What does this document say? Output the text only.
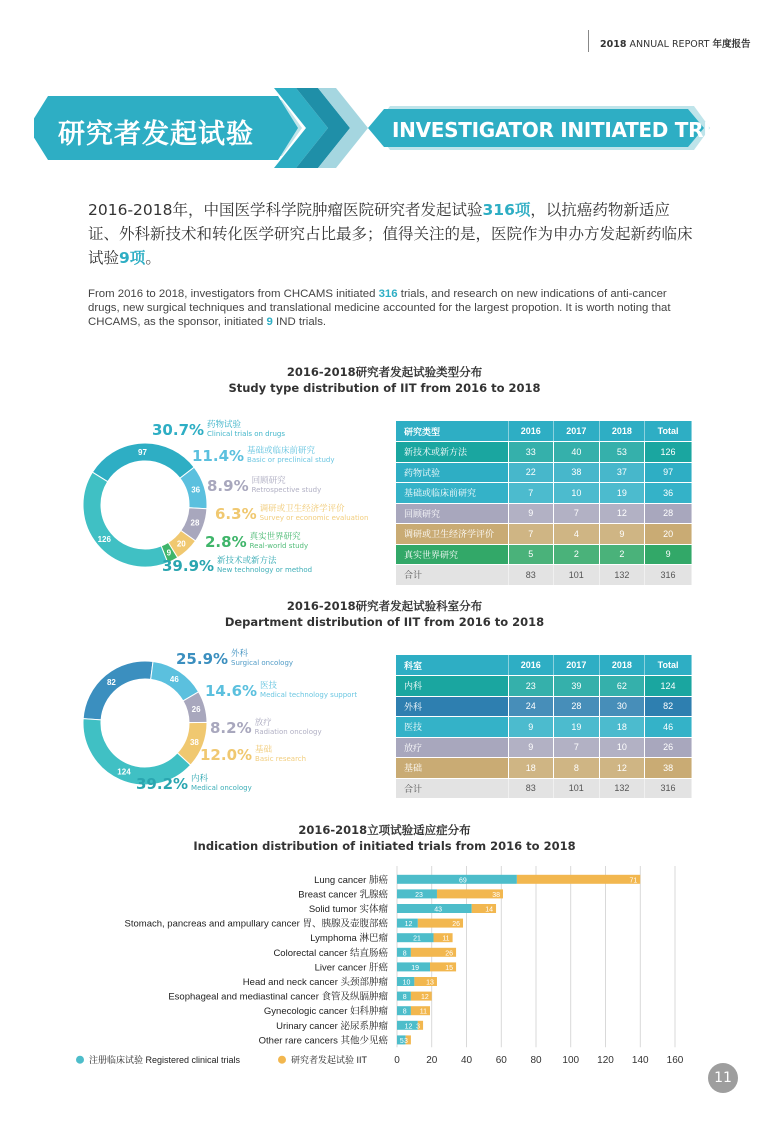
2018 ANNUAL REPORT 年度报告
研究者发起试验	INVESTIGATOR INITIATED TRIAL
2016-2018年，中国医学科学院肿瘤医院研究者发起试验316项，以抗癌药物新适应证、外科新技术和转化医学研究占比最多；值得关注的是，医院作为申办方发起新药临床试验9项。
From 2016 to 2018, investigators from CHCAMS initiated 316 trials, and research on new indications of anti-cancer drugs, new surgical techniques and translational medicine accounted for the largest propotion. It is worth noting that CHCAMS, as the sponsor, initiated 9 IND trials.
2016-2018研究者发起试验类型分布
Study type distribution of IIT from 2016 to 2018
97
36
28
20
9
126
30.7% 药物试验
Clinical trials on drugs
11.4% 基础或临床前研究
Basic or preclinical study
8.9% 回顾研究
Retrospective study
6.3% 调研或卫生经济学评价
Survey or economic evaluation
2.8% 真实世界研究
Real-world study
39.9% 新技术或新方法
New technology or method
研究类型	2016	2017	2018	Total
新技术或新方法	33	40	53	126
药物试验	22	38	37	97
基础或临床前研究	7	10	19	36
回顾研究	9	7	12	28
调研或卫生经济学评价	7	4	9	20
真实世界研究	5	2	2	9
合计	83	101	132	316
2016-2018研究者发起试验科室分布
Department distribution of IIT from 2016 to 2018
82	46
26
38
124
25.9% 外科
Surgical oncology
14.6% 医技
Medical technology support
8.2% 放疗
Radiation oncology
12.0% 基础
Basic research
39.2% 内科
Medical oncology
科室	2016	2017	2018	Total
内科	23	39	62	124
外科	24	28	30	82
医技	9	19	18	46
放疗	9	7	10	26
基础	18	8	12	38
合计	83	101	132	316
2016-2018立项试验适应症分布
Indication distribution of initiated trials from 2016 to 2018
0	20 40 60 80 100 120 140 160
Lung cancer 肺癌	69	71
Breast cancer 乳腺癌	23	38
Solid tumor 实体瘤	43	14
Stomach, pancreas and ampullary cancer 胃、胰腺及壶腹部癌 12	26
Lymphoma 淋巴瘤	21	11
Colorectal cancer 结直肠癌 8	26
Liver cancer 肝癌	19	15
Head and neck cancer 头颈部肿瘤 10 13
Esophageal and mediastinal cancer 食管及纵膈肿瘤 8 12
Gynecologic cancer 妇科肿瘤 8 11
Urinary cancer 泌尿系肿瘤 12 3
Other rare cancers 其他少见癌 5 3
注册临床试验 Registered clinical trials	研究者发起试验 IIT
11
